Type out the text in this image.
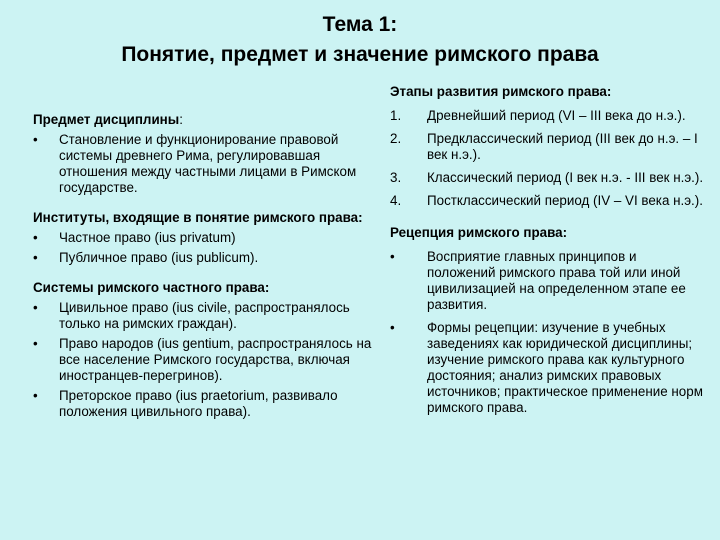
Тема 1:
Понятие, предмет и значение римского права
Предмет дисциплины:
• Становление и функционирование правовой системы древнего Рима, регулировавшая отношения между частными лицами в Римском государстве.
Институты, входящие в понятие римского права:
• Частное право (ius privatum)
• Публичное право (ius publicum).
Системы римского частного права:
• Цивильное право (ius civile, распространялось только на римских граждан).
• Право народов (ius gentium, распространялось на все население Римского государства, включая иностранцев-перегринов).
• Преторское право (ius praetorium, развивало положения цивильного права).
Этапы развития римского права:
1. Древнейший период (VI – III века до н.э.).
2. Предклассический период (III век до н.э. – I век н.э.).
3. Классический период (I век н.э. - III век н.э.).
4. Постклассический период (IV – VI века н.э.).
Рецепция римского права:
• Восприятие главных принципов и положений римского права той или иной цивилизацией на определенном этапе ее развития.
• Формы рецепции: изучение в учебных заведениях как юридической дисциплины; изучение римского права как культурного достояния; анализ римских правовых источников; практическое применение норм римского права.
